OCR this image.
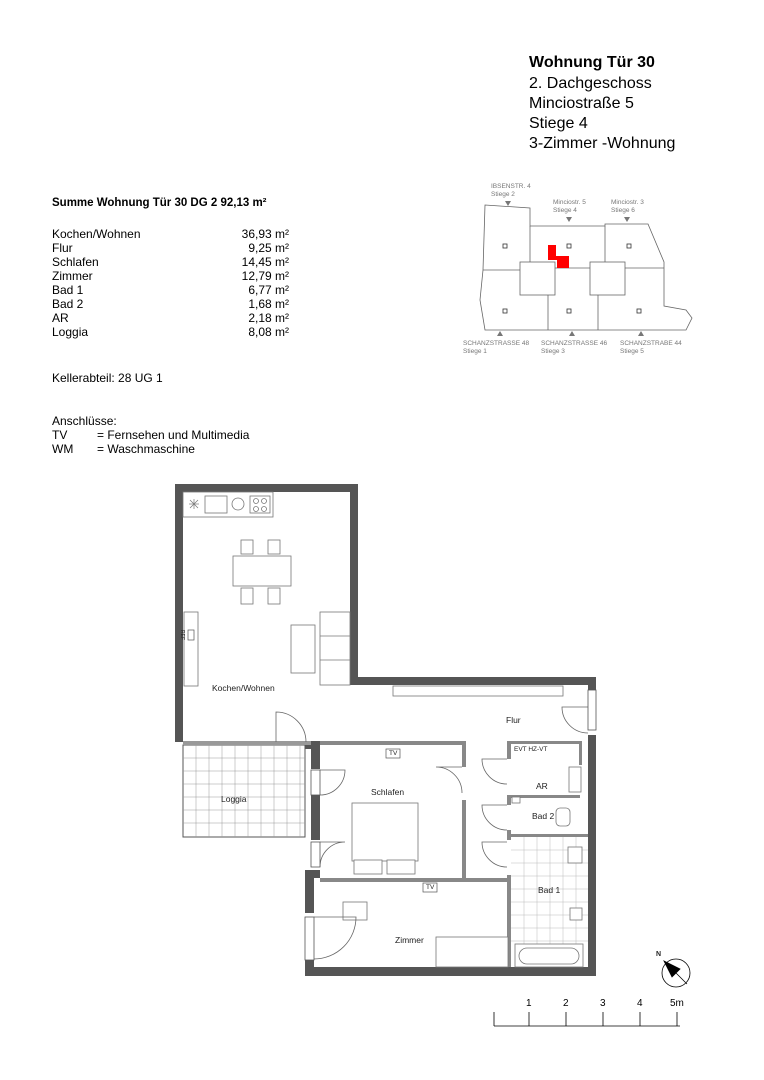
Wohnung Tür 30
2. Dachgeschoss
Minciostraße 5
Stiege 4
3-Zimmer -Wohnung
Summe Wohnung Tür 30 DG 2 92,13 m²
Kochen/Wohnen	36,93 m²
Flur	9,25 m²
Schlafen	14,45 m²
Zimmer	12,79 m²
Bad 1	6,77 m²
Bad 2	1,68 m²
AR	2,18 m²
Loggia	8,08 m²
Kellerabteil: 28 UG 1
Anschlüsse:
TV = Fernsehen und Multimedia
WM = Waschmaschine
IBSENSTR. 4
Stiege 2
Minciostr. 5
Stiege 4
Minciostr. 3
Stiege 6
SCHANZSTRASSE 48
Stiege 1
SCHANZSTRASSE 46
Stiege 3
SCHANZSTRABE 44
Stiege 5
Kochen/Wohnen
Flur
Loggia
Schlafen
AR
Bad 2
Bad 1
Zimmer
EVT HZ-VT
TV
TV
REF
1	2	3	4	5m
N
